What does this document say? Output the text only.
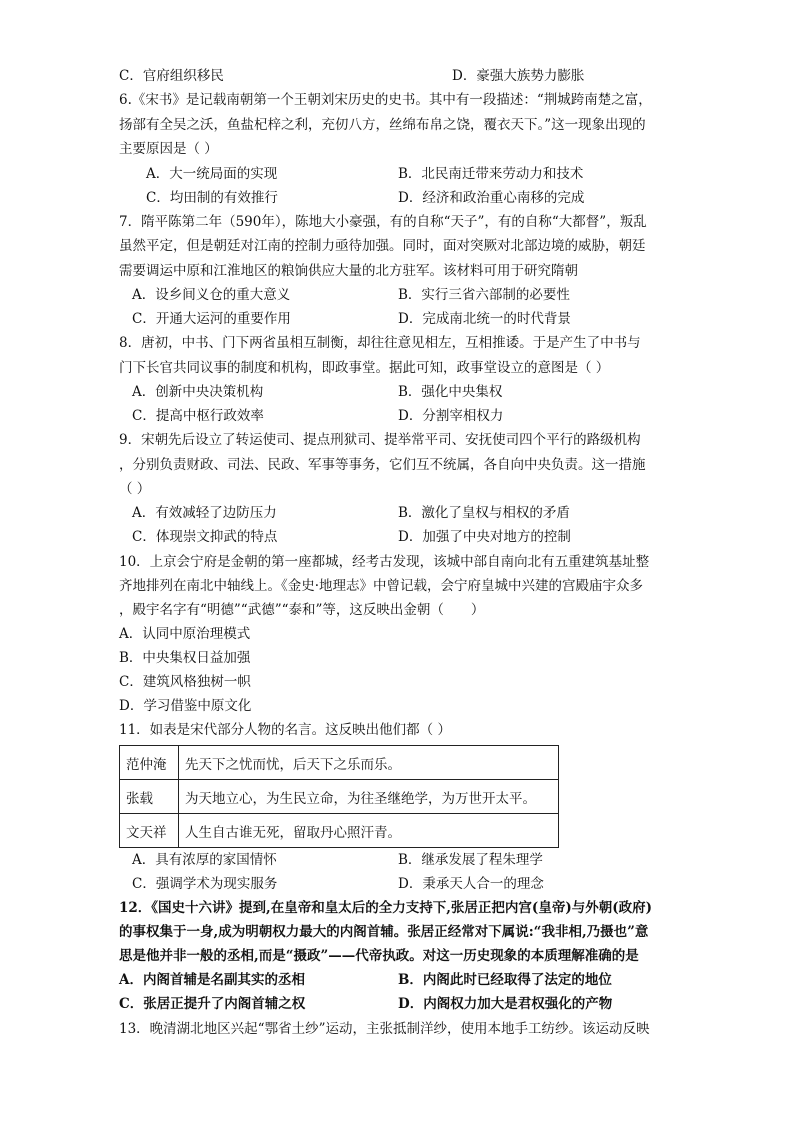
C．官府组织移民	D．豪强大族势力膨胀
6.《宋书》是记载南朝第一个王朝刘宋历史的史书。其中有一段描述：“荆城跨南楚之富，
扬部有全吴之沃，鱼盐杞梓之利，充仞八方，丝绵布帛之饶，覆衣天下。”这一现象出现的
主要原因是（ ）
A．大一统局面的实现	B．北民南迁带来劳动力和技术
C．均田制的有效推行	D．经济和政治重心南移的完成
7．隋平陈第二年（590年），陈地大小豪强，有的自称“天子”，有的自称“大都督”，叛乱
虽然平定，但是朝廷对江南的控制力亟待加强。同时，面对突厥对北部边境的威胁，朝廷
需要调运中原和江淮地区的粮饷供应大量的北方驻军。该材料可用于研究隋朝
A．设乡间义仓的重大意义	B．实行三省六部制的必要性
C．开通大运河的重要作用	D．完成南北统一的时代背景
8．唐初，中书、门下两省虽相互制衡，却往往意见相左，互相推诿。于是产生了中书与
门下长官共同议事的制度和机构，即政事堂。据此可知，政事堂设立的意图是（ ）
A．创新中央决策机构	B．强化中央集权
C．提高中枢行政效率	D．分割宰相权力
9．宋朝先后设立了转运使司、提点刑狱司、提举常平司、安抚使司四个平行的路级机构
，分别负责财政、司法、民政、军事等事务，它们互不统属，各自向中央负责。这一措施
（ ）
A．有效减轻了边防压力	B．激化了皇权与相权的矛盾
C．体现崇文抑武的特点	D．加强了中央对地方的控制
10．上京会宁府是金朝的第一座都城，经考古发现，该城中部自南向北有五重建筑基址整
齐地排列在南北中轴线上。《金史·地理志》中曾记载，会宁府皇城中兴建的宫殿庙宇众多
，殿宇名字有“明德”“武德”“泰和”等，这反映出金朝（　　）
A．认同中原治理模式
B．中央集权日益加强
C．建筑风格独树一帜
D．学习借鉴中原文化
11．如表是宋代部分人物的名言。这反映出他们都（ ）
范仲淹	先天下之忧而忧，后天下之乐而乐。
张载	为天地立心，为生民立命，为往圣继绝学，为万世开太平。
文天祥	人生自古谁无死，留取丹心照汗青。
A．具有浓厚的家国情怀	B．继承发展了程朱理学
C．强调学术为现实服务	D．秉承天人合一的理念
12．《国史十六讲》提到,在皇帝和皇太后的全力支持下,张居正把内宫(皇帝)与外朝(政府)
的事权集于一身,成为明朝权力最大的内阁首辅。张居正经常对下属说:“我非相,乃摄也”意
思是他并非一般的丞相,而是“摄政”——代帝执政。对这一历史现象的本质理解准确的是
A．内阁首辅是名副其实的丞相	B．内阁此时已经取得了法定的地位
C．张居正提升了内阁首辅之权	D．内阁权力加大是君权强化的产物
13．晚清湖北地区兴起“鄂省土纱”运动，主张抵制洋纱，使用本地手工纺纱。该运动反映
